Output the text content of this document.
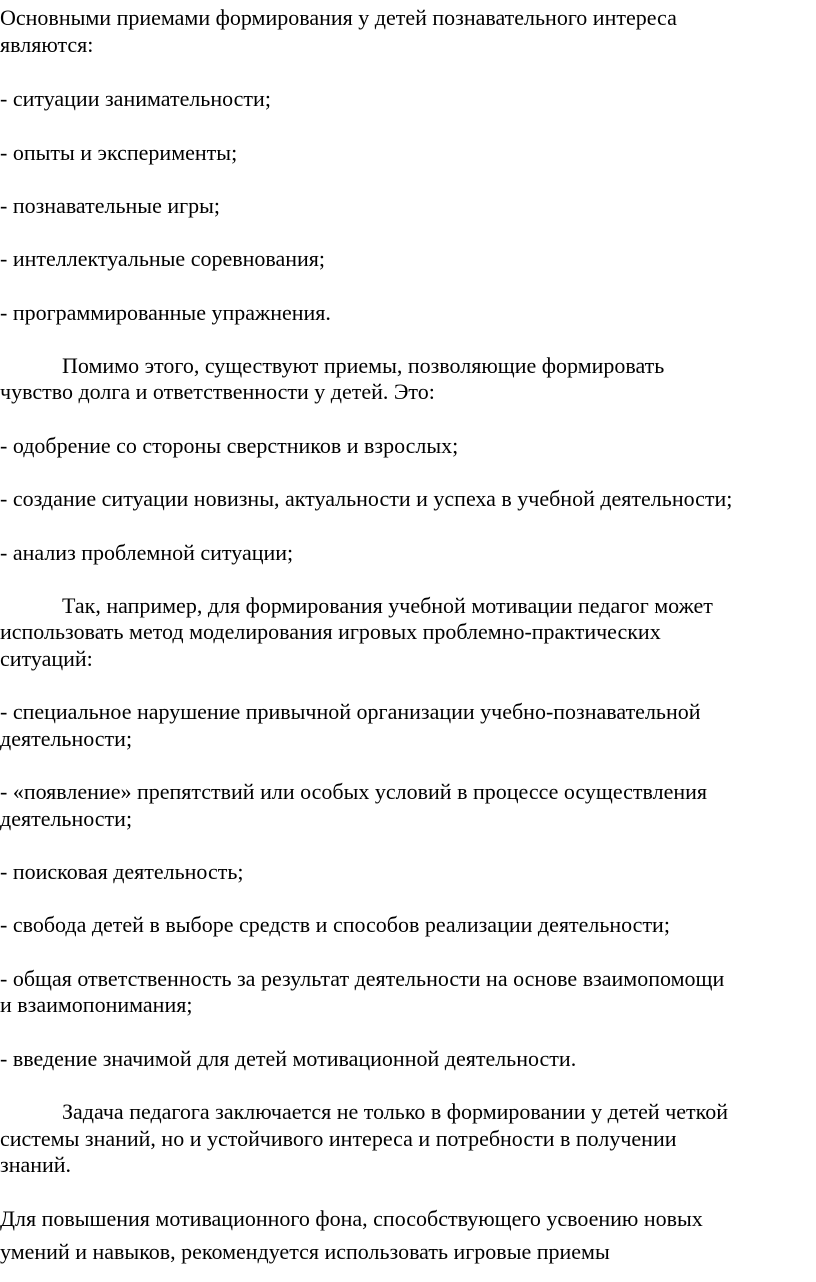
Основными приемами формирования у детей познавательного интереса
являются:
- ситуации занимательности;
- опыты и эксперименты;
- познавательные игры;
- интеллектуальные соревнования;
- программированные упражнения.
Помимо этого, существуют приемы, позволяющие формировать
чувство долга и ответственности у детей. Это:
- одобрение со стороны сверстников и взрослых;
- создание ситуации новизны, актуальности и успеха в учебной деятельности;
- анализ проблемной ситуации;
Так, например, для формирования учебной мотивации педагог может
использовать метод моделирования игровых проблемно-практических
ситуаций:
- специальное нарушение привычной организации учебно-познавательной
деятельности;
- «появление» препятствий или особых условий в процессе осуществления
деятельности;
- поисковая деятельность;
- свобода детей в выборе средств и способов реализации деятельности;
- общая ответственность за результат деятельности на основе взаимопомощи
и взаимопонимания;
- введение значимой для детей мотивационной деятельности.
Задача педагога заключается не только в формировании у детей четкой
системы знаний, но и устойчивого интереса и потребности в получении
знаний.
Для повышения мотивационного фона, способствующего усвоению новых
умений и навыков, рекомендуется использовать игровые приемы
